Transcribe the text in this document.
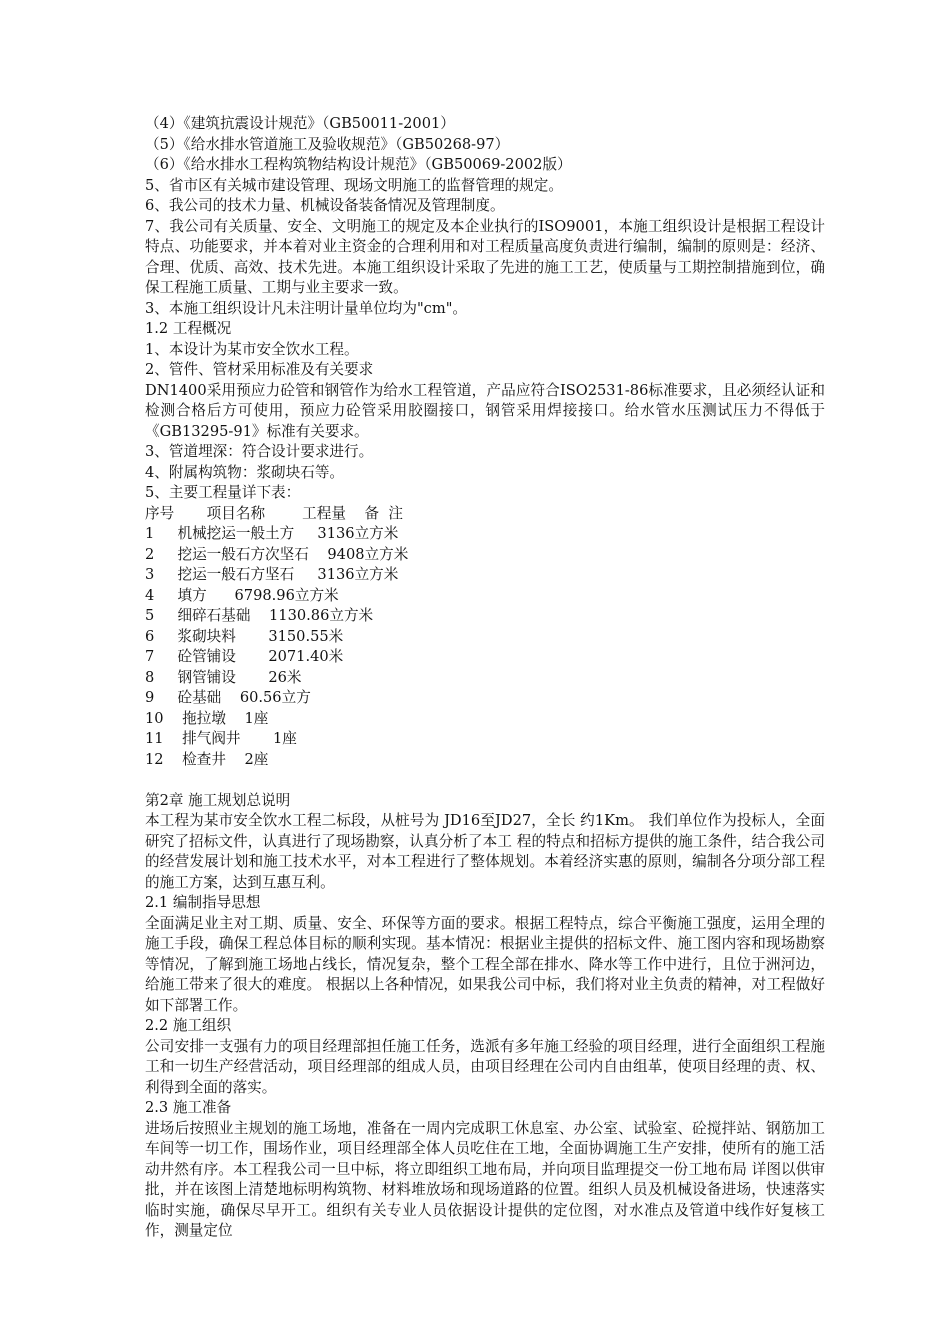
（4）《建筑抗震设计规范》（GB50011-2001）
（5）《给水排水管道施工及验收规范》（GB50268-97）
（6）《给水排水工程构筑物结构设计规范》（GB50069-2002版）
5、省市区有关城市建设管理、现场文明施工的监督管理的规定。
6、我公司的技术力量、机械设备装备情况及管理制度。
7、我公司有关质量、安全、文明施工的规定及本企业执行的ISO9001，本施工组织设计是根据工程设计特点、功能要求，并本着对业主资金的合理利用和对工程质量高度负责进行编制，编制的原则是：经济、合理、优质、高效、技术先进。本施工组织设计采取了先进的施工工艺，使质量与工期控制措施到位，确保工程施工质量、工期与业主要求一致。
3、本施工组织设计凡未注明计量单位均为"cm"。
1.2 工程概况
1、本设计为某市安全饮水工程。
2、管件、管材采用标准及有关要求
DN1400采用预应力砼管和钢管作为给水工程管道，产品应符合ISO2531-86标准要求，且必须经认证和检测合格后方可使用，预应力砼管采用胶圈接口，钢管采用焊接接口。给水管水压测试压力不得低于《GB13295-91》标准有关要求。
3、管道埋深：符合设计要求进行。
4、附属构筑物：浆砌块石等。
5、主要工程量详下表：
序号       项目名称        工程量    备  注
1     机械挖运一般土方     3136立方米
2     挖运一般石方次坚石    9408立方米
3     挖运一般石方坚石     3136立方米
4     填方      6798.96立方米
5     细碎石基础    1130.86立方米
6     浆砌块料       3150.55米
7     砼管铺设       2071.40米
8     钢管铺设       26米
9     砼基础    60.56立方
10    拖拉墩    1座
11    排气阀井       1座
12    检查井    2座
第2章 施工规划总说明
本工程为某市安全饮水工程二标段，从桩号为 JD16至JD27，全长 约1Km。 我们单位作为投标人，全面研究了招标文件，认真进行了现场勘察，认真分析了本工 程的特点和招标方提供的施工条件，结合我公司的经营发展计划和施工技术水平，对本工程进行了整体规划。本着经济实惠的原则，编制各分项分部工程的施工方案，达到互惠互利。
2.1 编制指导思想
全面满足业主对工期、质量、安全、环保等方面的要求。根据工程特点，综合平衡施工强度，运用全理的施工手段，确保工程总体目标的顺利实现。基本情况：根据业主提供的招标文件、施工图内容和现场勘察等情况，了解到施工场地占线长，情况复杂，整个工程全部在排水、降水等工作中进行，且位于洲河边，给施工带来了很大的难度。 根据以上各种情况，如果我公司中标，我们将对业主负责的精神，对工程做好如下部署工作。
2.2 施工组织
公司安排一支强有力的项目经理部担任施工任务，选派有多年施工经验的项目经理，进行全面组织工程施工和一切生产经营活动，项目经理部的组成人员，由项目经理在公司内自由组革，使项目经理的责、权、利得到全面的落实。
2.3 施工准备
进场后按照业主规划的施工场地，准备在一周内完成职工休息室、办公室、试验室、砼搅拌站、钢筋加工车间等一切工作，围场作业，项目经理部全体人员吃住在工地，全面协调施工生产安排，使所有的施工活动井然有序。本工程我公司一旦中标，将立即组织工地布局，并向项目监理提交一份工地布局 详图以供审批，并在该图上清楚地标明构筑物、材料堆放场和现场道路的位置。组织人员及机械设备进场，快速落实临时实施，确保尽早开工。组织有关专业人员依据设计提供的定位图，对水准点及管道中线作好复核工作，测量定位
